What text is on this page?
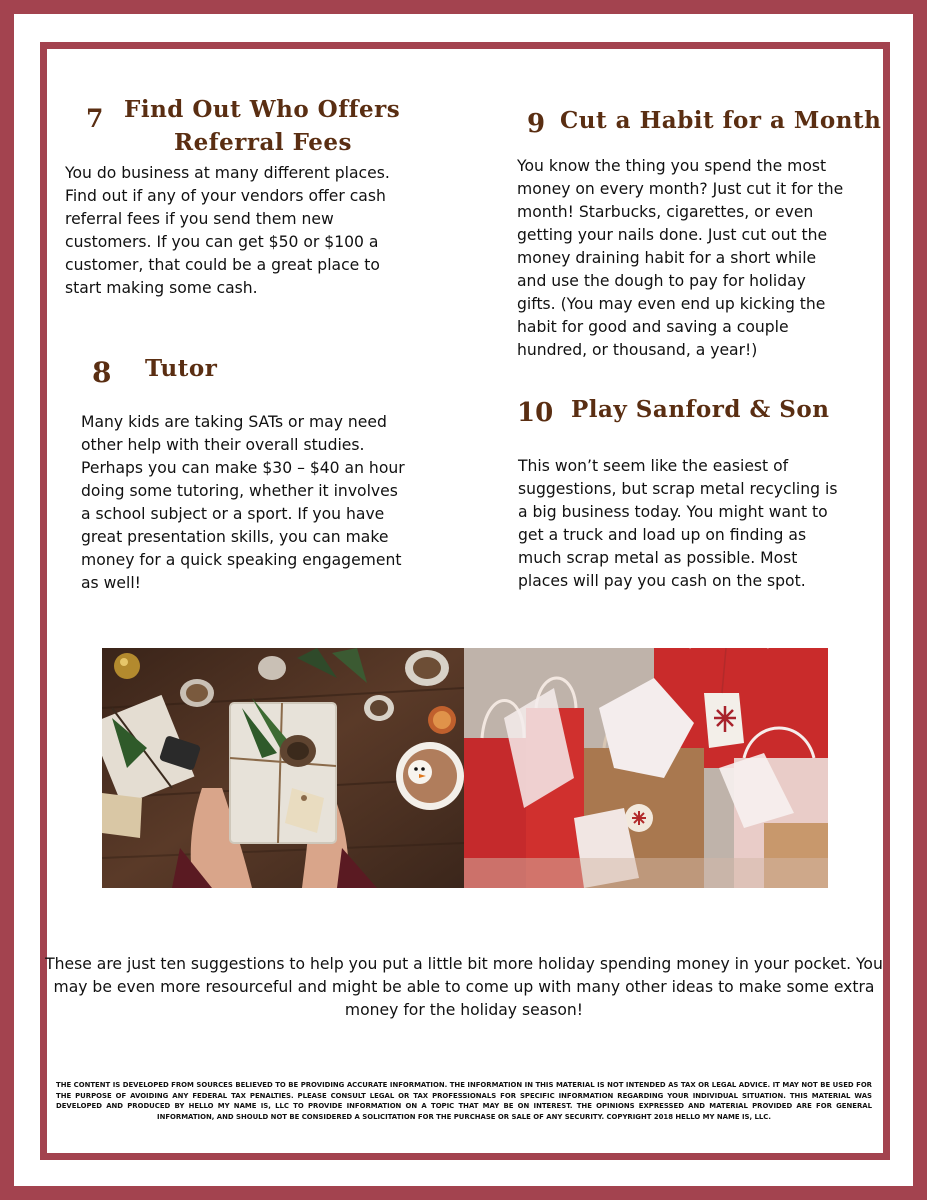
7 Find Out Who Offers
Referral Fees
You do business at many different places. Find out if any of your vendors offer cash referral fees if you send them new customers. If you can get $50 or $100 a customer, that could be a great place to start making some cash.
8 Tutor
Many kids are taking SATs or may need other help with their overall studies. Perhaps you can make $30 – $40 an hour doing some tutoring, whether it involves a school subject or a sport. If you have great presentation skills, you can make money for a quick speaking engagement as well!
9 Cut a Habit for a Month
You know the thing you spend the most money on every month? Just cut it for the month! Starbucks, cigarettes, or even getting your nails done. Just cut out the money draining habit for a short while and use the dough to pay for holiday gifts. (You may even end up kicking the habit for good and saving a couple hundred, or thousand, a year!)
10 Play Sanford & Son
This won’t seem like the easiest of suggestions, but scrap metal recycling is a big business today. You might want to get a truck and load up on finding as much scrap metal as possible. Most places will pay you cash on the spot.
These are just ten suggestions to help you put a little bit more holiday spending money in your pocket. You may be even more resourceful and might be able to come up with many other ideas to make some extra money for the holiday season!
THE CONTENT IS DEVELOPED FROM SOURCES BELIEVED TO BE PROVIDING ACCURATE INFORMATION. THE INFORMATION IN THIS MATERIAL IS NOT INTENDED AS TAX OR LEGAL ADVICE. IT MAY NOT BE USED FOR THE PURPOSE OF AVOIDING ANY FEDERAL TAX PENALTIES. PLEASE CONSULT LEGAL OR TAX PROFESSIONALS FOR SPECIFIC INFORMATION REGARDING YOUR INDIVIDUAL SITUATION. THIS MATERIAL WAS DEVELOPED AND PRODUCED BY HELLO MY NAME IS, LLC TO PROVIDE INFORMATION ON A TOPIC THAT MAY BE ON INTEREST. THE OPINIONS EXPRESSED AND MATERIAL PROVIDED ARE FOR GENERAL INFORMATION, AND SHOULD NOT BE CONSIDERED A SOLICITATION FOR THE PURCHASE OR SALE OF ANY SECURITY. COPYRIGHT 2018 HELLO MY NAME IS, LLC.
